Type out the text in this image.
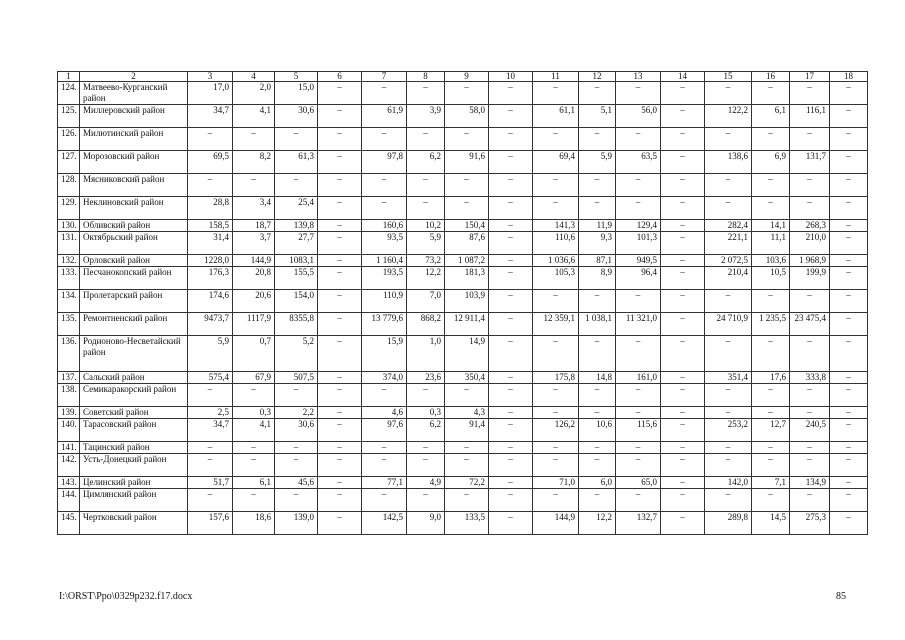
1	2	3	4	5	6	7	8	9	10	11	12	13	14	15	16	17	18
124.	Матвеево-Курганский район	17,0	2,0	15,0	–	–	–	–	–	–	–	–	–	–	–	–	–
125.	Миллеровский район	34,7	4,1	30,6	–	61,9	3,9	58,0	–	61,1	5,1	56,0	–	122,2	6,1	116,1	–
126.	Милютинский район	–	–	–	–	–	–	–	–	–	–	–	–	–	–	–	–
127.	Морозовский район	69,5	8,2	61,3	–	97,8	6,2	91,6	–	69,4	5,9	63,5	–	138,6	6,9	131,7	–
128.	Мясниковский район	–	–	–	–	–	–	–	–	–	–	–	–	–	–	–	–
129.	Неклиновский район	28,8	3,4	25,4	–	–	–	–	–	–	–	–	–	–	–	–	–
130.	Обливский район	158,5	18,7	139,8	–	160,6	10,2	150,4	–	141,3	11,9	129,4	–	282,4	14,1	268,3	–
131.	Октябрьский район	31,4	3,7	27,7	–	93,5	5,9	87,6	–	110,6	9,3	101,3	–	221,1	11,1	210,0	–
132.	Орловский район	1228,0	144,9	1083,1	–	1 160,4	73,2	1 087,2	–	1 036,6	87,1	949,5	–	2 072,5	103,6	1 968,9	–
133.	Песчанокопский район	176,3	20,8	155,5	–	193,5	12,2	181,3	–	105,3	8,9	96,4	–	210,4	10,5	199,9	–
134.	Пролетарский район	174,6	20,6	154,0	–	110,9	7,0	103,9	–	–	–	–	–	–	–	–	–
135.	Ремонтненский район	9473,7	1117,9	8355,8	–	13 779,6	868,2	12 911,4	–	12 359,1	1 038,1	11 321,0	–	24 710,9	1 235,5	23 475,4	–
136.	Родионово-Несветайский район	5,9	0,7	5,2	–	15,9	1,0	14,9	–	–	–	–	–	–	–	–	–
137.	Сальский район	575,4	67,9	507,5	–	374,0	23,6	350,4	–	175,8	14,8	161,0	–	351,4	17,6	333,8	–
138.	Семикаракорский район	–	–	–	–	–	–	–	–	–	–	–	–	–	–	–	–
139.	Советский район	2,5	0,3	2,2	–	4,6	0,3	4,3	–	–	–	–	–	–	–	–	–
140.	Тарасовский район	34,7	4,1	30,6	–	97,6	6,2	91,4	–	126,2	10,6	115,6	–	253,2	12,7	240,5	–
141.	Тацинский район	–	–	–	–	–	–	–	–	–	–	–	–	–	–	–	–
142.	Усть-Донецкий район	–	–	–	–	–	–	–	–	–	–	–	–	–	–	–	–
143.	Целинский район	51,7	6,1	45,6	–	77,1	4,9	72,2	–	71,0	6,0	65,0	–	142,0	7,1	134,9	–
144.	Цимлянский район	–	–	–	–	–	–	–	–	–	–	–	–	–	–	–	–
145.	Чертковский район	157,6	18,6	139,0	–	142,5	9,0	133,5	–	144,9	12,2	132,7	–	289,8	14,5	275,3	–
I:\ORST\Ppo\0329p232.f17.docx	85
